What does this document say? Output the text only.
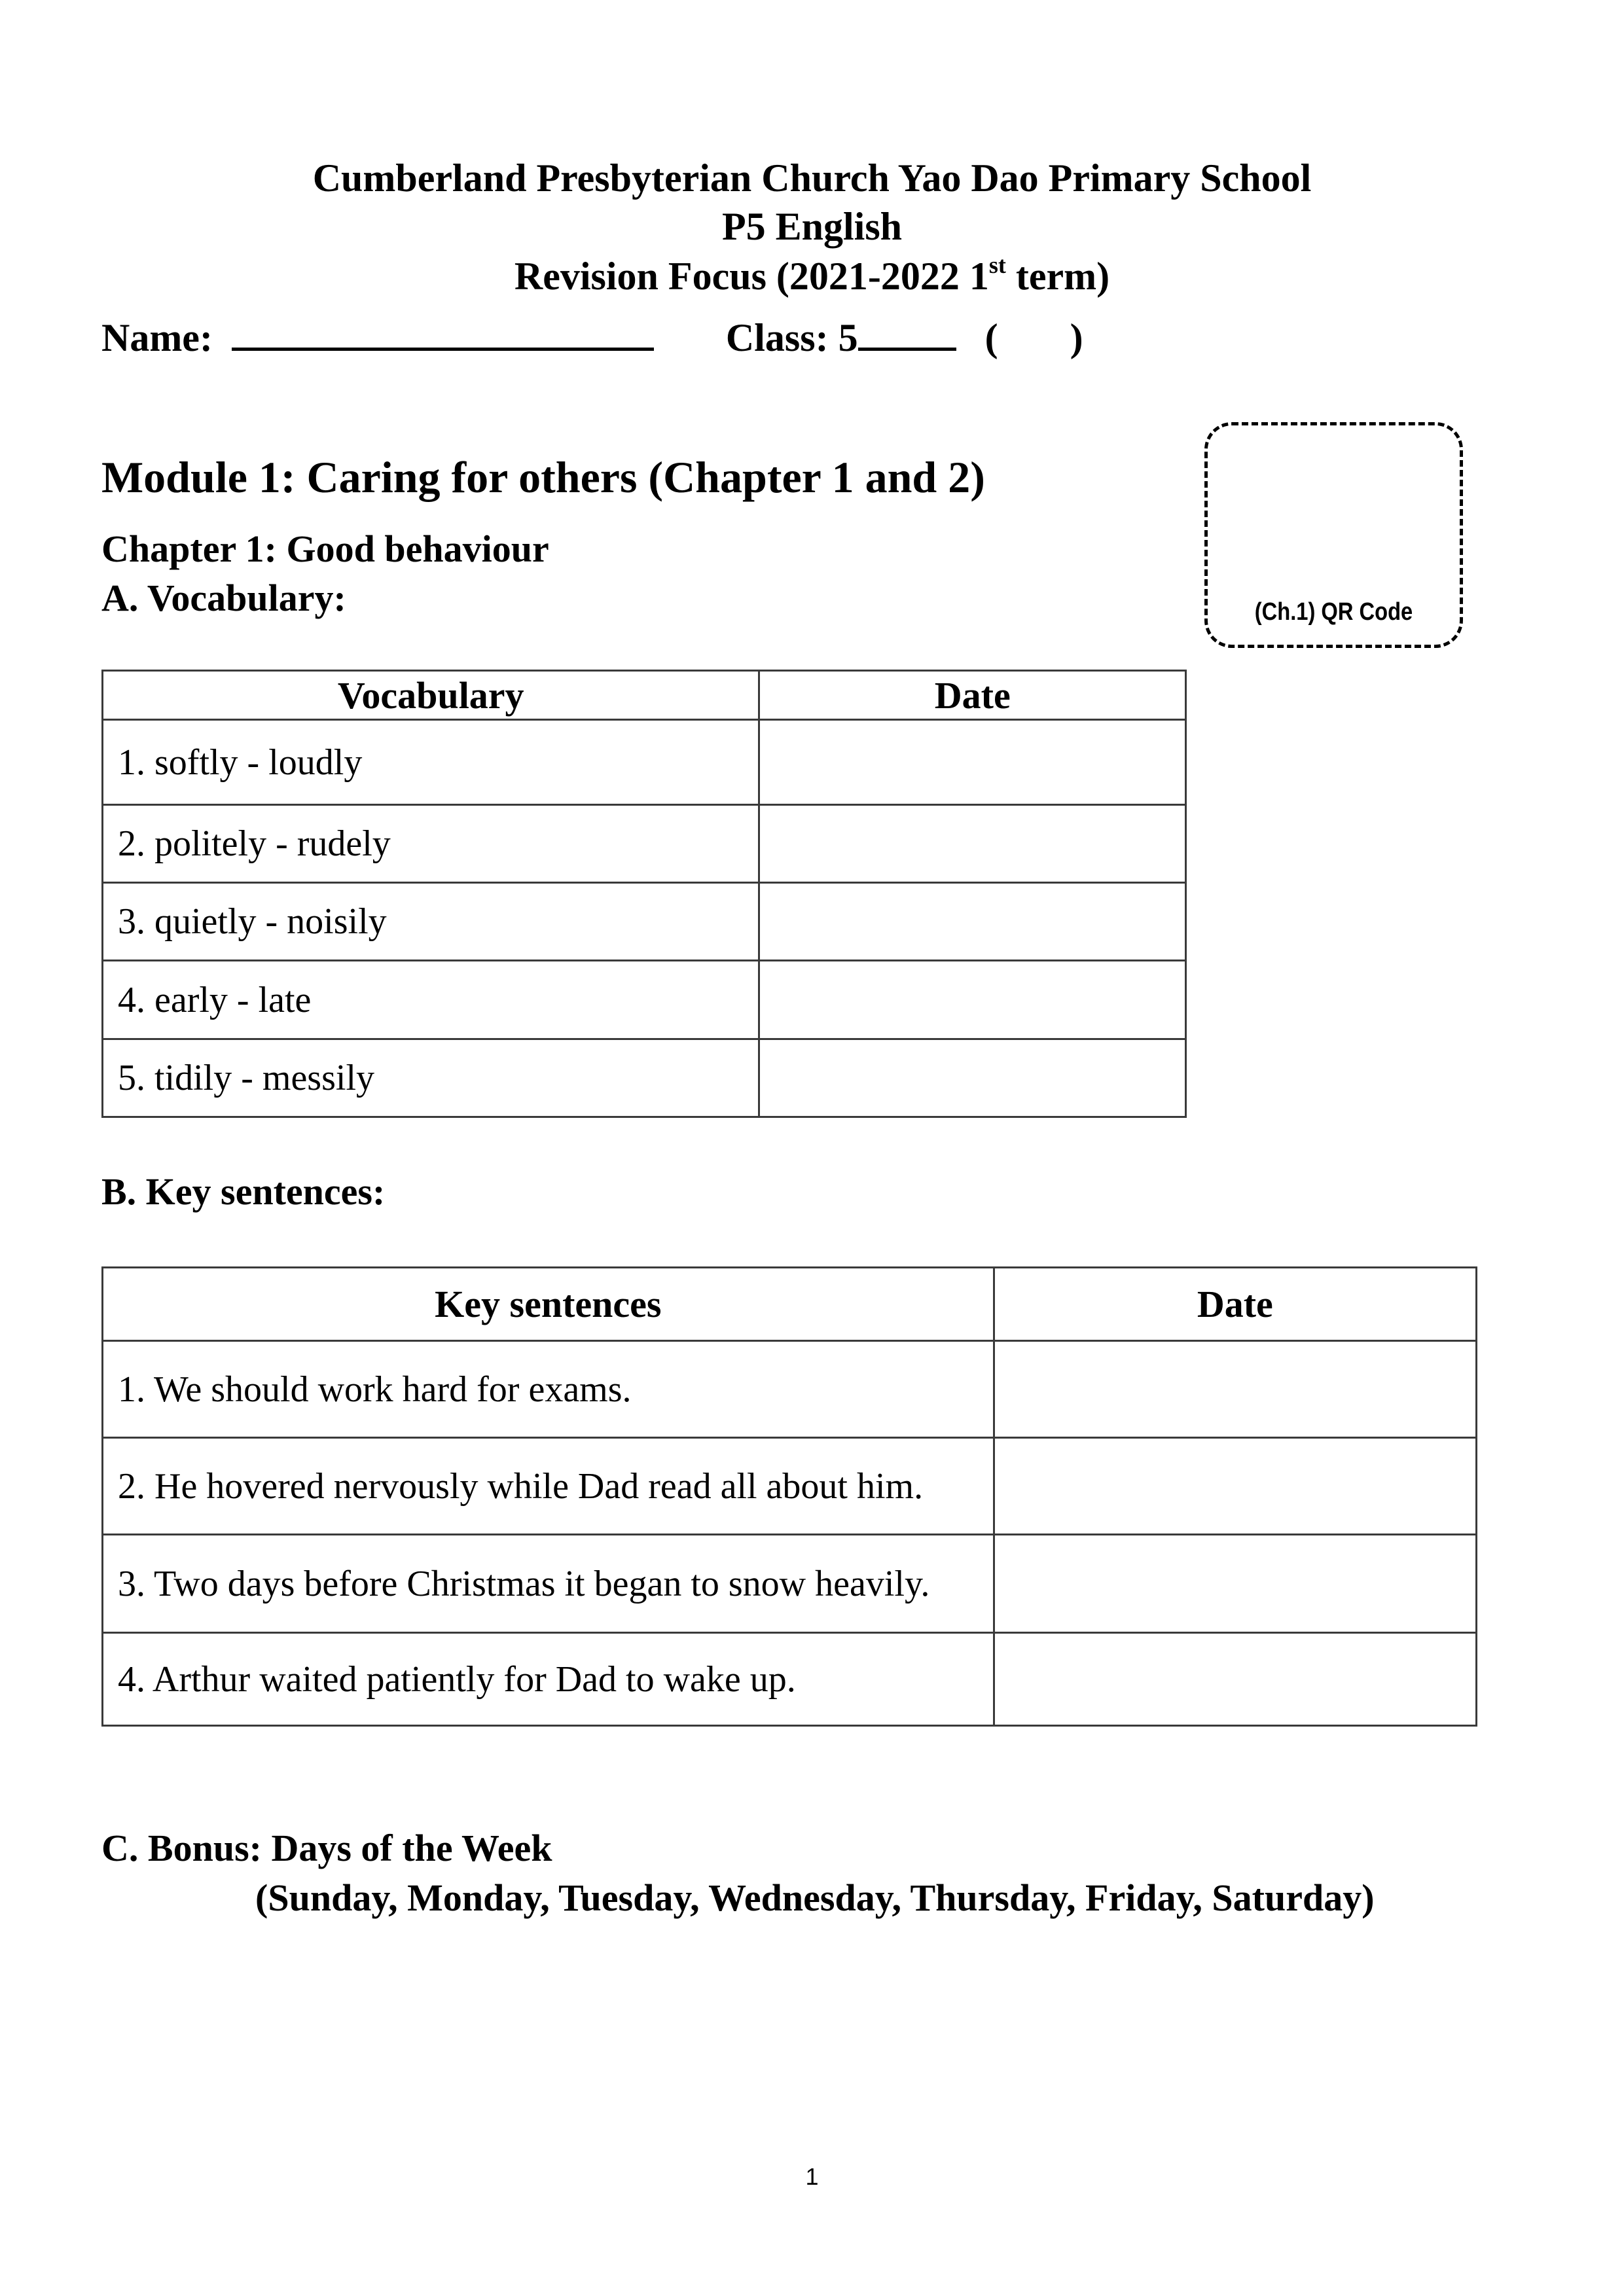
Cumberland Presbyterian Church Yao Dao Primary School
P5 English
Revision Focus (2021-2022 1st term)
Name:	Class: 5	( )
Module 1: Caring for others (Chapter 1 and 2)
Chapter 1: Good behaviour
A. Vocabulary:	(Ch.1) QR Code
Vocabulary	Date
1. softly - loudly	
2. politely - rudely	
3. quietly - noisily	
4. early - late	
5. tidily - messily	
B. Key sentences:
Key sentences	Date
1. We should work hard for exams.	
2. He hovered nervously while Dad read all about him.	
3. Two days before Christmas it began to snow heavily.	
4. Arthur waited patiently for Dad to wake up.	
C. Bonus: Days of the Week
(Sunday, Monday, Tuesday, Wednesday, Thursday, Friday, Saturday)
1
